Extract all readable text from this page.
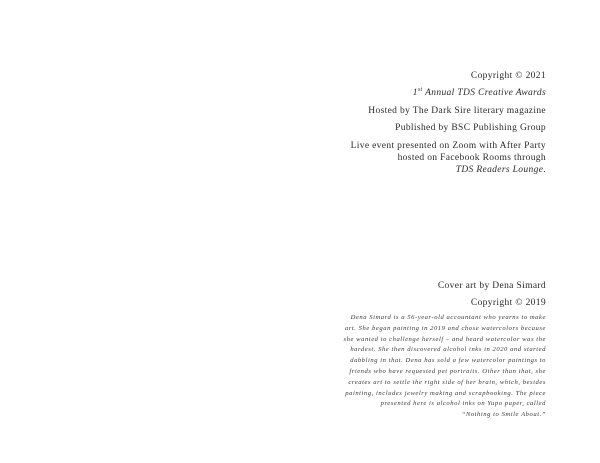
Copyright © 2021
1st Annual TDS Creative Awards
Hosted by The Dark Sire literary magazine
Published by BSC Publishing Group
Live event presented on Zoom with After Party
hosted on Facebook Rooms through
TDS Readers Lounge.
Cover art by Dena Simard
Copyright © 2019
Dena Simard is a 56-year-old accountant who yearns to make
art. She began painting in 2019 and chose watercolors because
she wanted to challenge herself – and heard watercolor was the
hardest. She then discovered alcohol inks in 2020 and started
dabbling in that. Dena has sold a few watercolor paintings to
friends who have requested pet portraits. Other than that, she
creates art to settle the right side of her brain, which, besides
painting, includes jewelry making and scrapbooking. The piece
presented here is alcohol inks on Yupo paper, called
“Nothing to Smile About.”
